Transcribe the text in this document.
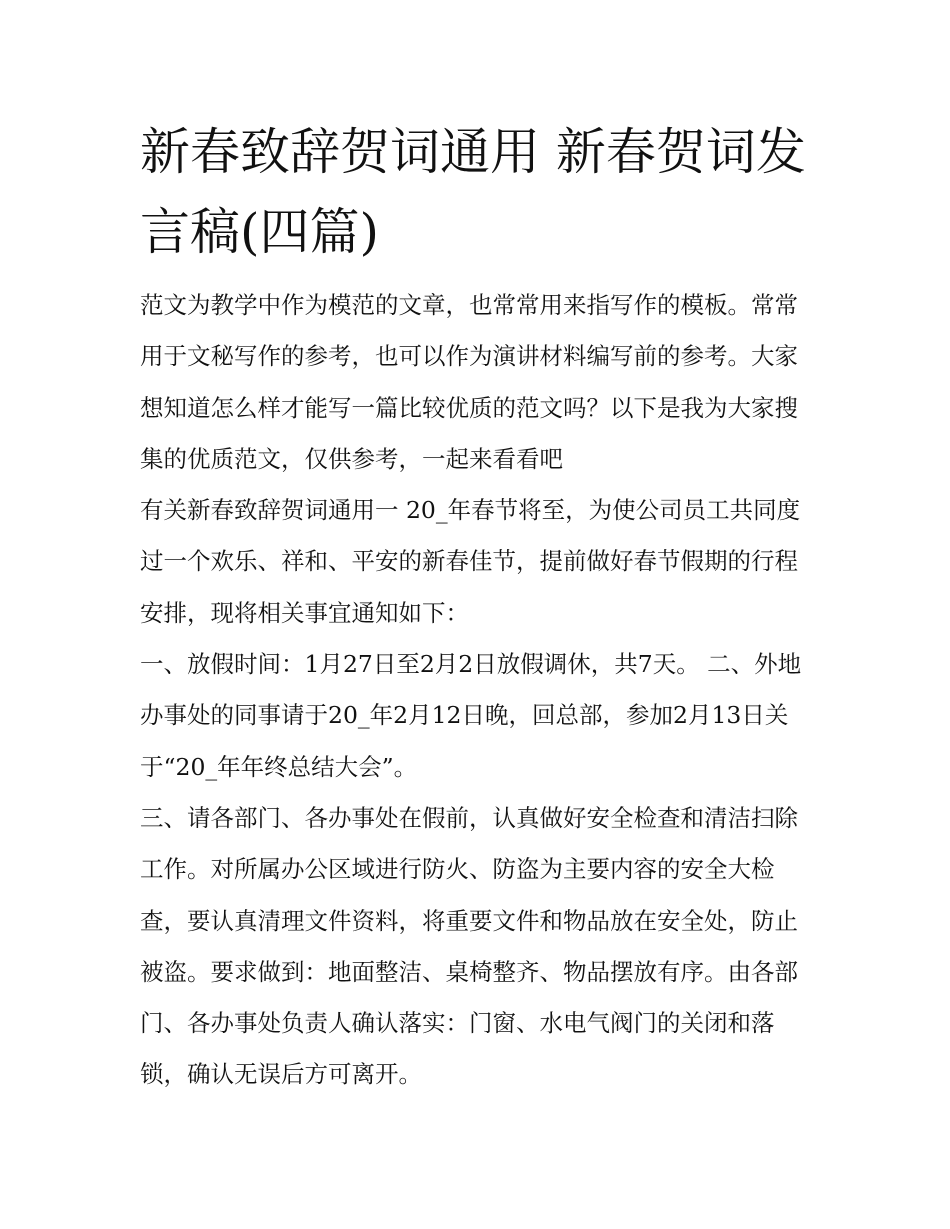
新春致辞贺词通用 新春贺词发言稿(四篇)

范文为教学中作为模范的文章，也常常用来指写作的模板。常常用于文秘写作的参考，也可以作为演讲材料编写前的参考。大家想知道怎么样才能写一篇比较优质的范文吗？以下是我为大家搜集的优质范文，仅供参考，一起来看看吧

有关新春致辞贺词通用一 20_年春节将至，为使公司员工共同度过一个欢乐、祥和、平安的新春佳节，提前做好春节假期的行程安排，现将相关事宜通知如下：

一、放假时间：1月27日至2月2日放假调休，共7天。 二、外地办事处的同事请于20_年2月12日晚，回总部，参加2月13日关于“20_年年终总结大会”。

三、请各部门、各办事处在假前，认真做好安全检查和清洁扫除工作。对所属办公区域进行防火、防盗为主要内容的安全大检查，要认真清理文件资料，将重要文件和物品放在安全处，防止被盗。要求做到：地面整洁、桌椅整齐、物品摆放有序。由各部门、各办事处负责人确认落实：门窗、水电气阀门的关闭和落锁，确认无误后方可离开。
